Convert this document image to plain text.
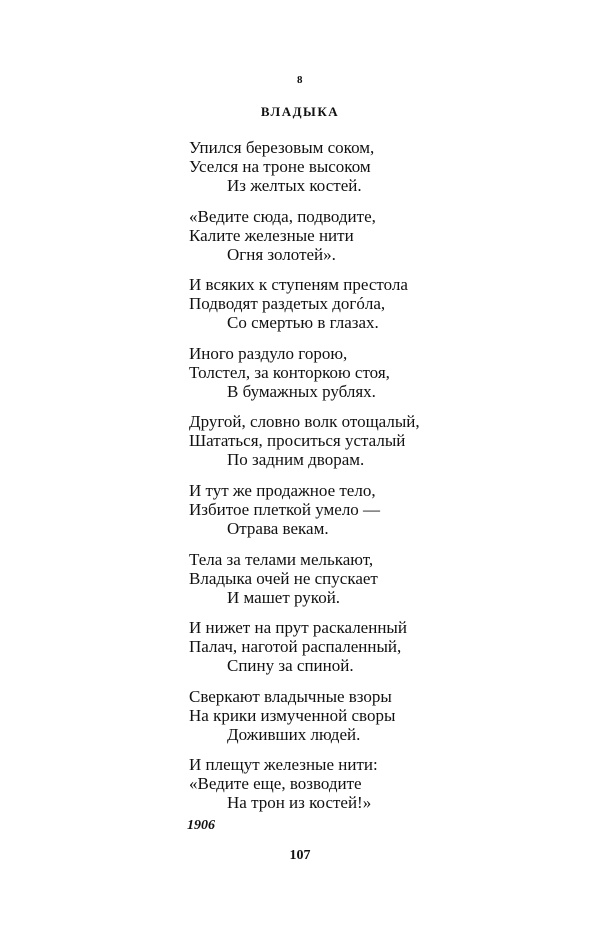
8
ВЛАДЫКА
Упился березовым соком,
Уселся на троне высоком
Из желтых костей.
«Ведите сюда, подводите,
Калите железные нити
Огня золотей».
И всяких к ступеням престола
Подводят раздетых догóла,
Со смертью в глазах.
Иного раздуло горою,
Толстел, за конторкою стоя,
В бумажных рублях.
Другой, словно волк отощалый,
Шататься, проситься усталый
По задним дворам.
И тут же продажное тело,
Избитое плеткой умело —
Отрава векам.
Тела за телами мелькают,
Владыка очей не спускает
И машет рукой.
И нижет на прут раскаленный
Палач, наготой распаленный,
Спину за спиной.
Сверкают владычные взоры
На крики измученной своры
Доживших людей.
И плещут железные нити:
«Ведите еще, возводите
На трон из костей!»
1906
107
